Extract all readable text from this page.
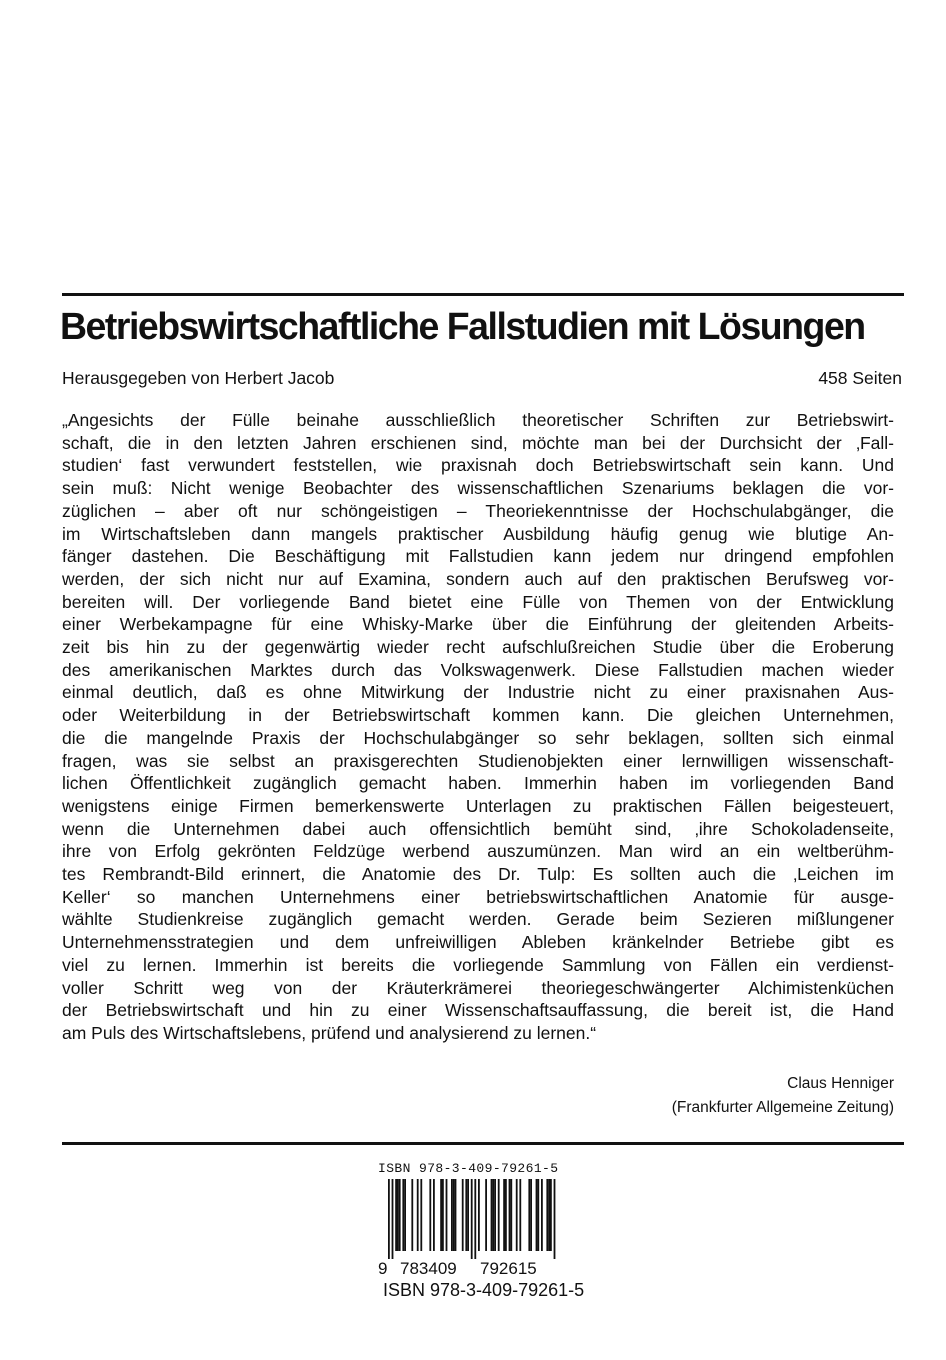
Betriebswirtschaftliche Fallstudien mit Lösungen
Herausgegeben von Herbert Jacob	458 Seiten
„Angesichts der Fülle beinahe ausschließlich theoretischer Schriften zur Betriebswirt-
schaft, die in den letzten Jahren erschienen sind, möchte man bei der Durchsicht der ‚Fall-
studien‘ fast verwundert feststellen, wie praxisnah doch Betriebswirtschaft sein kann. Und
sein muß: Nicht wenige Beobachter des wissenschaftlichen Szenariums beklagen die vor-
züglichen – aber oft nur schöngeistigen – Theoriekenntnisse der Hochschulabgänger, die
im Wirtschaftsleben dann mangels praktischer Ausbildung häufig genug wie blutige An-
fänger dastehen. Die Beschäftigung mit Fallstudien kann jedem nur dringend empfohlen
werden, der sich nicht nur auf Examina, sondern auch auf den praktischen Berufsweg vor-
bereiten will. Der vorliegende Band bietet eine Fülle von Themen von der Entwicklung
einer Werbekampagne für eine Whisky-Marke über die Einführung der gleitenden Arbeits-
zeit bis hin zu der gegenwärtig wieder recht aufschlußreichen Studie über die Eroberung
des amerikanischen Marktes durch das Volkswagenwerk. Diese Fallstudien machen wieder
einmal deutlich, daß es ohne Mitwirkung der Industrie nicht zu einer praxisnahen Aus-
oder Weiterbildung in der Betriebswirtschaft kommen kann. Die gleichen Unternehmen,
die die mangelnde Praxis der Hochschulabgänger so sehr beklagen, sollten sich einmal
fragen, was sie selbst an praxisgerechten Studienobjekten einer lernwilligen wissenschaft-
lichen Öffentlichkeit zugänglich gemacht haben. Immerhin haben im vorliegenden Band
wenigstens einige Firmen bemerkenswerte Unterlagen zu praktischen Fällen beigesteuert,
wenn die Unternehmen dabei auch offensichtlich bemüht sind, ‚ihre Schokoladenseite,
ihre von Erfolg gekrönten Feldzüge werbend auszumünzen. Man wird an ein weltberühm-
tes Rembrandt-Bild erinnert, die Anatomie des Dr. Tulp: Es sollten auch die ‚Leichen im
Keller‘ so manchen Unternehmens einer betriebswirtschaftlichen Anatomie für ausge-
wählte Studienkreise zugänglich gemacht werden. Gerade beim Sezieren mißlungener
Unternehmensstrategien und dem unfreiwilligen Ableben kränkelnder Betriebe gibt es
viel zu lernen. Immerhin ist bereits die vorliegende Sammlung von Fällen ein verdienst-
voller Schritt weg von der Kräuterkrämerei theoriegeschwängerter Alchimistenküchen
der Betriebswirtschaft und hin zu einer Wissenschaftsauffassung, die bereit ist, die Hand
am Puls des Wirtschaftslebens, prüfend und analysierend zu lernen.“
Claus Henniger
(Frankfurter Allgemeine Zeitung)
ISBN 978-3-409-79261-5
9 783409 792615
ISBN 978-3-409-79261-5
